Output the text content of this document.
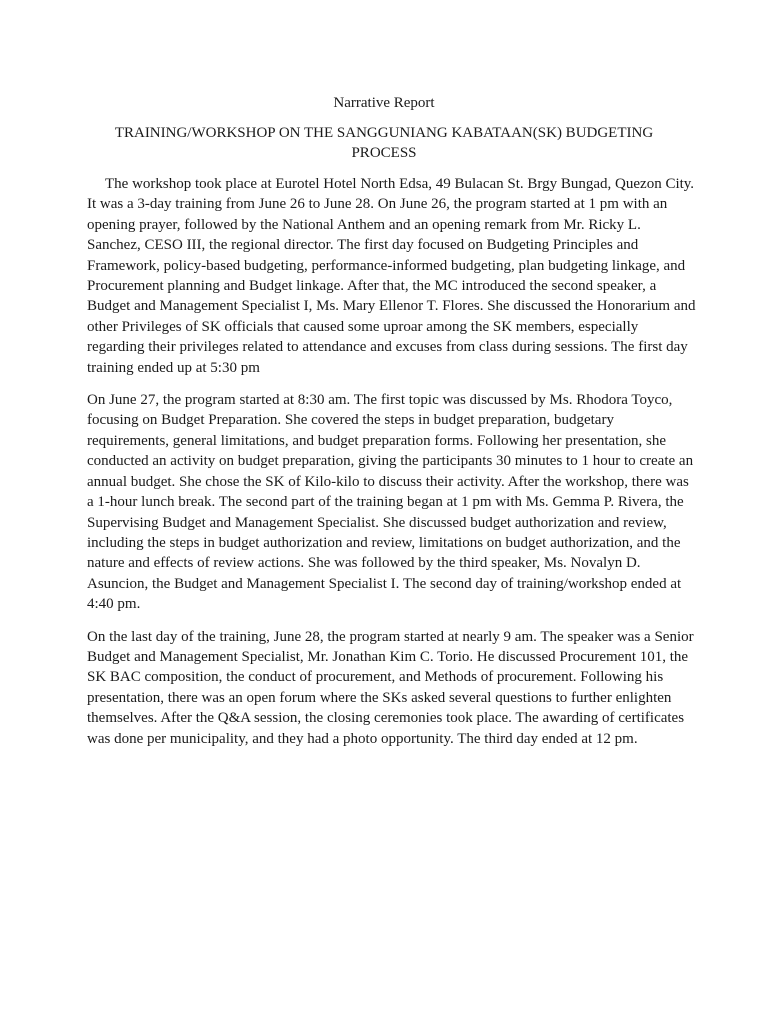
Narrative Report
TRAINING/WORKSHOP ON THE SANGGUNIANG KABATAAN(SK) BUDGETING PROCESS

The workshop took place at Eurotel Hotel North Edsa, 49 Bulacan St. Brgy Bungad, Quezon City. It was a 3-day training from June 26 to June 28. On June 26, the program started at 1 pm with an opening prayer, followed by the National Anthem and an opening remark from Mr. Ricky L. Sanchez, CESO III, the regional director. The first day focused on Budgeting Principles and Framework, policy-based budgeting, performance-informed budgeting, plan budgeting linkage, and Procurement planning and Budget linkage. After that, the MC introduced the second speaker, a Budget and Management Specialist I, Ms. Mary Ellenor T. Flores. She discussed the Honorarium and other Privileges of SK officials that caused some uproar among the SK members, especially regarding their privileges related to attendance and excuses from class during sessions. The first day training ended up at 5:30 pm

On June 27, the program started at 8:30 am. The first topic was discussed by Ms. Rhodora Toyco, focusing on Budget Preparation. She covered the steps in budget preparation, budgetary requirements, general limitations, and budget preparation forms. Following her presentation, she conducted an activity on budget preparation, giving the participants 30 minutes to 1 hour to create an annual budget. She chose the SK of Kilo-kilo to discuss their activity. After the workshop, there was a 1-hour lunch break. The second part of the training began at 1 pm with Ms. Gemma P. Rivera, the Supervising Budget and Management Specialist. She discussed budget authorization and review, including the steps in budget authorization and review, limitations on budget authorization, and the nature and effects of review actions. She was followed by the third speaker, Ms. Novalyn D. Asuncion, the Budget and Management Specialist I. The second day of training/workshop ended at 4:40 pm.

On the last day of the training, June 28, the program started at nearly 9 am. The speaker was a Senior Budget and Management Specialist, Mr. Jonathan Kim C. Torio. He discussed Procurement 101, the SK BAC composition, the conduct of procurement, and Methods of procurement. Following his presentation, there was an open forum where the SKs asked several questions to further enlighten themselves. After the Q&A session, the closing ceremonies took place. The awarding of certificates was done per municipality, and they had a photo opportunity. The third day ended at 12 pm.
